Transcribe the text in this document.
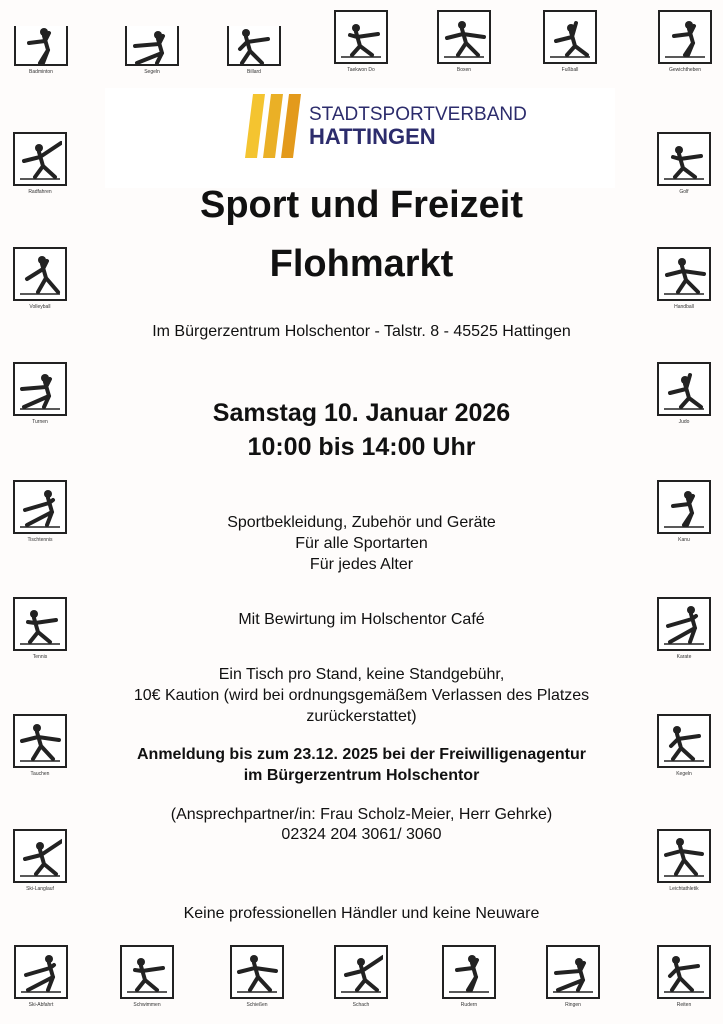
STADTSPORTVERBAND
HATTINGEN
Sport und Freizeit
Flohmarkt
Im Bürgerzentrum Holschentor - Talstr. 8 - 45525 Hattingen
Samstag 10. Januar 2026
10:00 bis 14:00 Uhr
Sportbekleidung, Zubehör und Geräte
Für alle Sportarten
Für jedes Alter
Mit Bewirtung im Holschentor Café
Ein Tisch pro Stand, keine Standgebühr,
10€ Kaution (wird bei ordnungsgemäßem Verlassen des Platzes
zurückerstattet)
Anmeldung bis zum 23.12. 2025 bei der Freiwilligenagentur
im Bürgerzentrum Holschentor
(Ansprechpartner/in: Frau Scholz-Meier, Herr Gehrke)
02324 204 3061/ 3060
Keine professionellen Händler und keine Neuware
Badminton	Segeln	Billard	Taekwon Do	Boxen	Fußball	Gewichtheben
Radfahren
Volleyball
Turnen
Tischtennis
Tennis
Tauchen
Ski-Langlauf
Golf
Handball
Judo
Kanu
Karate
Kegeln
Leichtathletik
Ski-Abfahrt	Schwimmen	Schießen	Schach	Rudern	Ringen	Reiten
